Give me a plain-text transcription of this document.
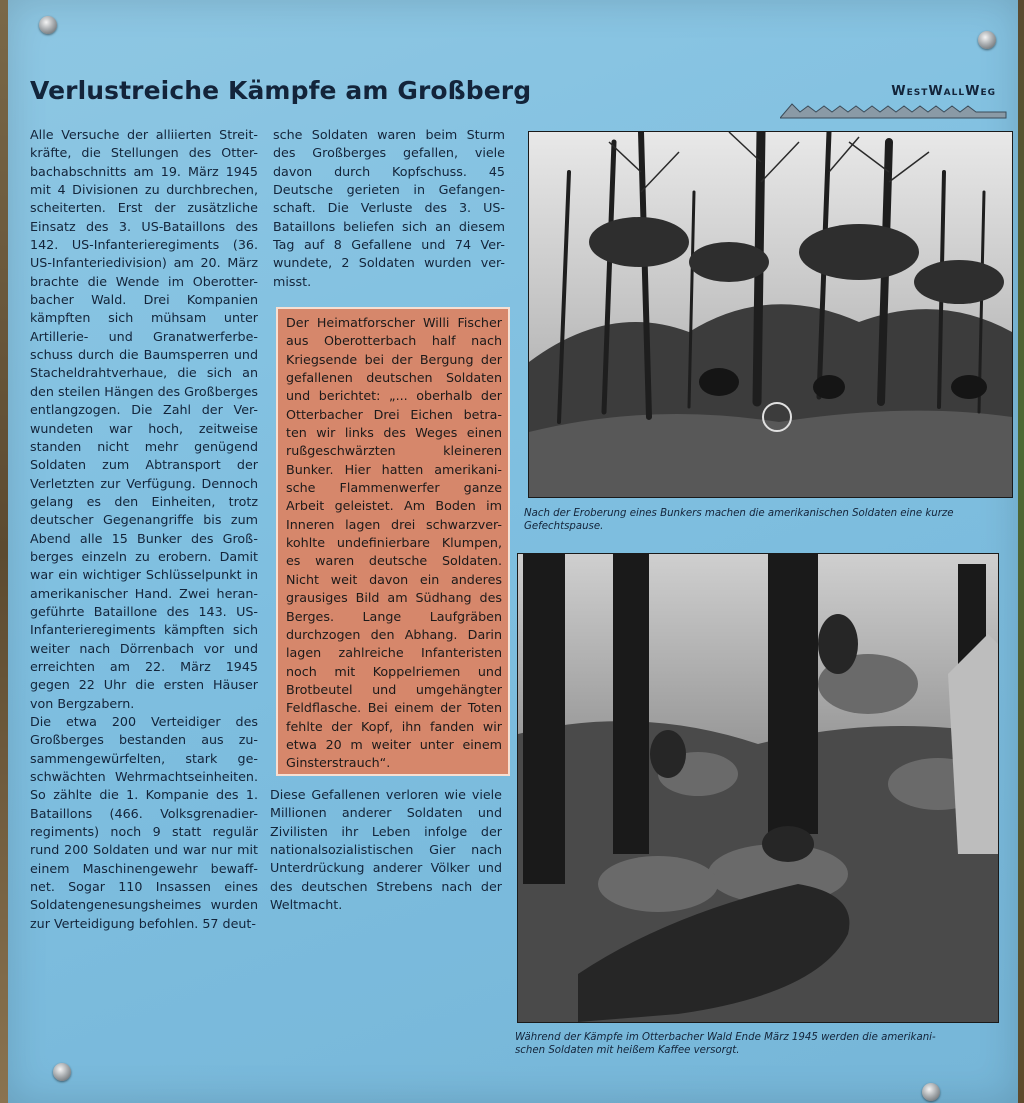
Verlustreiche Kämpfe am Großberg	WestWallWeg

Alle Versuche der alliierten Streit-

kräfte, die Stellungen des Otter-

bachabschnitts am 19. März 1945

mit 4 Divisionen zu durchbrechen,

scheiterten. Erst der zusätzliche

Einsatz des 3. US-Bataillons des

142. US-Infanterieregiments (36.

US-Infanteriedivision) am 20. März

brachte die Wende im Oberotter-

bacher Wald. Drei Kompanien

kämpften sich mühsam unter

Artillerie- und Granatwerferbe-

schuss durch die Baumsperren und

Stacheldrahtverhaue, die sich an

den steilen Hängen des Großberges

entlangzogen. Die Zahl der Ver-

wundeten war hoch, zeitweise

standen nicht mehr genügend

Soldaten zum Abtransport der

Verletzten zur Verfügung. Dennoch

gelang es den Einheiten, trotz

deutscher Gegenangriffe bis zum

Abend alle 15 Bunker des Groß-

berges einzeln zu erobern. Damit

war ein wichtiger Schlüsselpunkt in

amerikanischer Hand. Zwei heran-

geführte Bataillone des 143. US-

Infanterieregiments kämpften sich

weiter nach Dörrenbach vor und

erreichten am 22. März 1945

gegen 22 Uhr die ersten Häuser

von Bergzabern.

Die etwa 200 Verteidiger des

Großberges bestanden aus zu-

sammengewürfelten, stark ge-

schwächten Wehrmachtseinheiten.

So zählte die 1. Kompanie des 1.

Bataillons (466. Volksgrenadier-

regiments) noch 9 statt regulär

rund 200 Soldaten und war nur mit

einem Maschinengewehr bewaff-

net. Sogar 110 Insassen eines

Soldatengenesungsheimes wurden

zur Verteidigung befohlen. 57 deut-

sche Soldaten waren beim Sturm

des Großberges gefallen, viele

davon durch Kopfschuss. 45

Deutsche gerieten in Gefangen-

schaft. Die Verluste des 3. US-

Bataillons beliefen sich an diesem

Tag auf 8 Gefallene und 74 Ver-

wundete, 2 Soldaten wurden ver-

misst.

Der Heimatforscher Willi Fischer

aus Oberotterbach half nach

Kriegsende bei der Bergung der

gefallenen deutschen Soldaten

und berichtet: „... oberhalb der

Otterbacher Drei Eichen betra-

ten wir links des Weges einen

rußgeschwärzten kleineren

Bunker. Hier hatten amerikani-

sche Flammenwerfer ganze

Arbeit geleistet. Am Boden im

Inneren lagen drei schwarzver-

kohlte undefinierbare Klumpen,

es waren deutsche Soldaten.

Nicht weit davon ein anderes

grausiges Bild am Südhang des

Berges. Lange Laufgräben

durchzogen den Abhang. Darin

lagen zahlreiche Infanteristen

noch mit Koppelriemen und

Brotbeutel und umgehängter

Feldflasche. Bei einem der Toten

fehlte der Kopf, ihn fanden wir

etwa 20 m weiter unter einem

Ginsterstrauch“.

Diese Gefallenen verloren wie viele

Millionen anderer Soldaten und

Zivilisten ihr Leben infolge der

nationalsozialistischen Gier nach

Unterdrückung anderer Völker und

des deutschen Strebens nach der

Weltmacht.

Nach der Eroberung eines Bunkers machen die amerikanischen Soldaten eine kurze
Gefechtspause.
Während der Kämpfe im Otterbacher Wald Ende März 1945 werden die amerikani-
schen Soldaten mit heißem Kaffee versorgt.
